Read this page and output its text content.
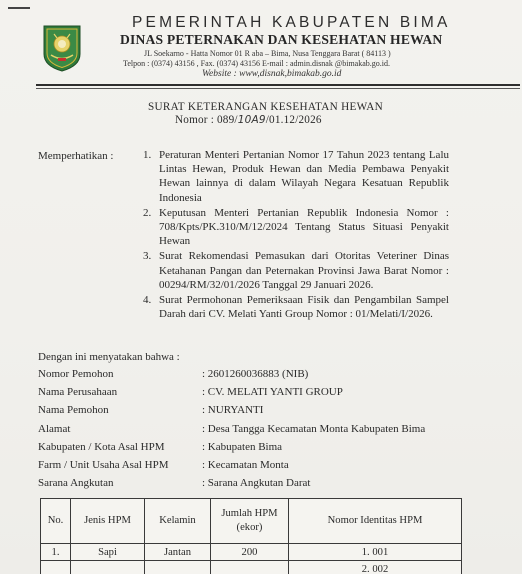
PEMERINTAH KABUPATEN BIMA
DINAS PETERNAKAN DAN KESEHATAN HEWAN
JL Soekarno - Hatta Nomor 01 R aba – Bima, Nusa Tenggara Barat ( 84113 )
Telpon : (0374) 43156 , Fax. (0374) 43156 E-mail : admin.disnak @bimakab.go.id.
Website : www,disnak,bimakab.go.id
SURAT KETERANGAN KESEHATAN HEWAN
Nomor : 089/10A9/01.12/2026
Memperhatikan :	1. Peraturan Menteri Pertanian Nomor 17 Tahun 2023 tentang Lalu Lintas Hewan, Produk Hewan dan Media Pembawa Penyakit Hewan lainnya di dalam Wilayah Negara Kesatuan Republik Indonesia
2. Keputusan Menteri Pertanian Republik Indonesia Nomor : 708/Kpts/PK.310/M/12/2024 Tentang Status Situasi Penyakit Hewan
3. Surat Rekomendasi Pemasukan dari Otoritas Veteriner Dinas Ketahanan Pangan dan Peternakan Provinsi Jawa Barat Nomor : 00294/RM/32/01/2026 Tanggal 29 Januari 2026.
4. Surat Permohonan Pemeriksaan Fisik dan Pengambilan Sampel Darah dari CV. Melati Yanti Group Nomor : 01/Melati/I/2026.
Dengan ini menyatakan bahwa :
Nomor Pemohon	: 2601260036883 (NIB)
Nama Perusahaan	: CV. MELATI YANTI GROUP
Nama Pemohon	: NURYANTI
Alamat	: Desa Tangga Kecamatan Monta Kabupaten Bima
Kabupaten / Kota Asal HPM	: Kabupaten Bima
Farm / Unit Usaha Asal HPM	: Kecamatan Monta
Sarana Angkutan	: Sarana Angkutan Darat
No.	Jenis HPM	Kelamin	Jumlah HPM (ekor)	Nomor Identitas HPM
1.	Sapi	Jantan	200	1. 001
				2. 002
